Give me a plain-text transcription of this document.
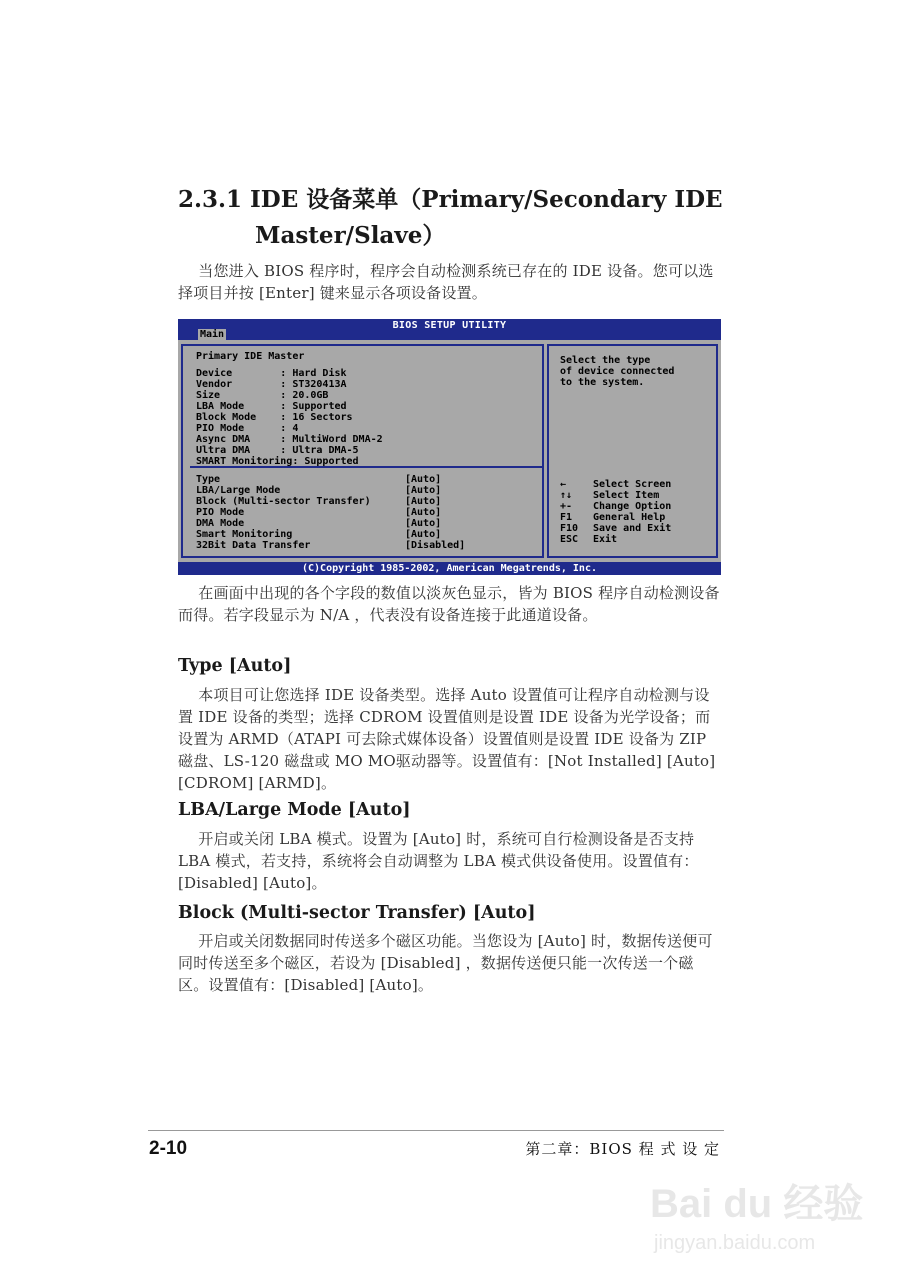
2.3.1 IDE 设备菜单（Primary/Secondary IDE
Master/Slave）

当您进入 BIOS 程序时，程序会自动检测系统已存在的 IDE 设备。您可以选择项目并按 [Enter] 键来显示各项设备设置。

BIOS SETUP UTILITY
Main
Primary IDE Master
Device        : Hard Disk
Vendor        : ST320413A
Size          : 20.0GB
LBA Mode      : Supported
Block Mode    : 16 Sectors
PIO Mode      : 4
Async DMA     : MultiWord DMA-2
Ultra DMA     : Ultra DMA-5
SMART Monitoring: Supported
Type	[Auto]
LBA/Large Mode	[Auto]
Block (Multi-sector Transfer)	[Auto]
PIO Mode	[Auto]
DMA Mode	[Auto]
Smart Monitoring	[Auto]
32Bit Data Transfer	[Disabled]
Select the type
of device connected
to the system.
←	Select Screen
↑↓ Select Item
+- Change Option
F1 General Help
F10 Save and Exit
ESC Exit
(C)Copyright 1985-2002, American Megatrends, Inc.

在画面中出现的各个字段的数值以淡灰色显示，皆为 BIOS 程序自动检测设备而得。若字段显示为 N/A ，代表没有设备连接于此通道设备。

Type [Auto]

本项目可让您选择 IDE 设备类型。选择 Auto 设置值可让程序自动检测与设置 IDE 设备的类型；选择 CDROM 设置值则是设置 IDE 设备为光学设备；而设置为 ARMD（ATAPI 可去除式媒体设备）设置值则是设置 IDE 设备为 ZIP 磁盘、LS-120 磁盘或 MO MO驱动器等。设置值有：[Not Installed] [Auto] [CDROM] [ARMD]。

LBA/Large Mode [Auto]

开启或关闭 LBA 模式。设置为 [Auto] 时，系统可自行检测设备是否支持 LBA 模式，若支持，系统将会自动调整为 LBA 模式供设备使用。设置值有：[Disabled] [Auto]。

Block (Multi-sector Transfer) [Auto]

开启或关闭数据同时传送多个磁区功能。当您设为 [Auto] 时，数据传送便可同时传送至多个磁区，若设为 [Disabled] ，数据传送便只能一次传送一个磁区。设置值有：[Disabled] [Auto]。

2-10	第二章：BIOS 程 式 设 定
Bai du 经验
jingyan.baidu.com
